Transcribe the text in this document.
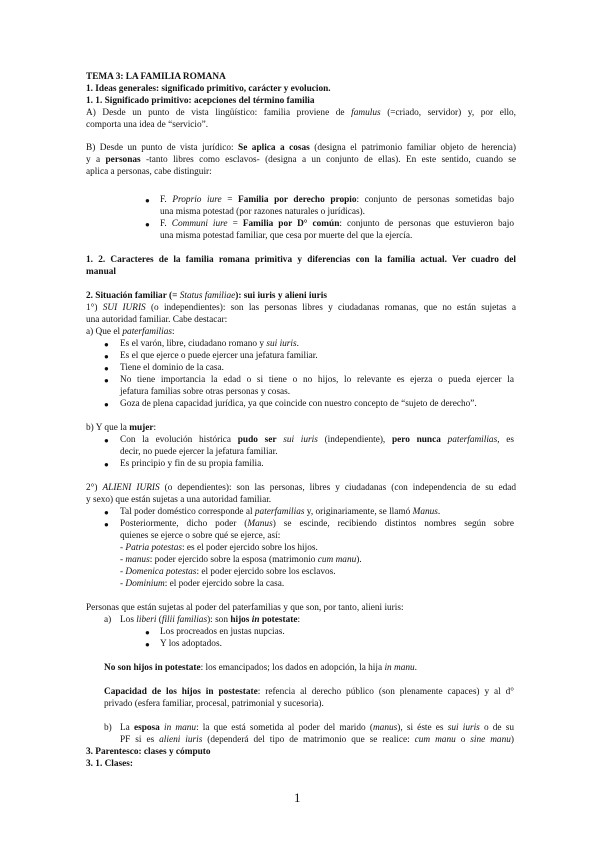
TEMA 3: LA FAMILIA ROMANA
1. Ideas generales: significado primitivo, carácter y evolucion.
1. 1. Significado primitivo: acepciones del término familia
A) Desde un punto de vista lingüístico: familia proviene de famulus (=criado, servidor) y, por ello,
comporta una idea de “servicio”.
B) Desde un punto de vista jurídico: Se aplica a cosas (designa el patrimonio familiar objeto de herencia)
y a personas -tanto libres como esclavos- (designa a un conjunto de ellas). En este sentido, cuando se
aplica a personas, cabe distinguir:
● F. Proprio iure = Familia por derecho propio: conjunto de personas sometidas bajo
una misma potestad (por razones naturales o jurídicas).
● F. Communi iure = Familia por D° común: conjunto de personas que estuvieron bajo
una misma potestad familiar, que cesa por muerte del que la ejercía.
1. 2. Caracteres de la familia romana primitiva y diferencias con la familia actual. Ver cuadro del
manual
2. Situación familiar (= Status familiae): sui iuris y alieni iuris
1°) SUI IURIS (o independientes): son las personas libres y ciudadanas romanas, que no están sujetas a
una autoridad familiar. Cabe destacar:
a) Que el paterfamilias:
● Es el varón, libre, ciudadano romano y sui iuris.
● Es el que ejerce o puede ejercer una jefatura familiar.
● Tiene el dominio de la casa.
● No tiene importancia la edad o si tiene o no hijos, lo relevante es ejerza o pueda ejercer la
jefatura familias sobre otras personas y cosas.
● Goza de plena capacidad jurídica, ya que coincide con nuestro concepto de “sujeto de derecho”.
b) Y que la mujer:
● Con la evolución histórica pudo ser sui iuris (independiente), pero nunca paterfamilias, es
decir, no puede ejercer la jefatura familiar.
● Es principio y fin de su propia familia.
2°) ALIENI IURIS (o dependientes): son las personas, libres y ciudadanas (con independencia de su edad
y sexo) que están sujetas a una autoridad familiar.
● Tal poder doméstico corresponde al paterfamilias y, originariamente, se llamó Manus.
● Posteriormente, dicho poder (Manus) se escinde, recibiendo distintos nombres según sobre
quienes se ejerce o sobre qué se ejerce, así:
- Patria potestas: es el poder ejercido sobre los hijos.
- manus: poder ejercido sobre la esposa (matrimonio cum manu).
- Domenica potestas: el poder ejercido sobre los esclavos.
- Dominium: el poder ejercido sobre la casa.
Personas que están sujetas al poder del paterfamilias y que son, por tanto, alieni iuris:
a) Los liberi (filii familias): son hijos in potestate:
● Los procreados en justas nupcias.
● Y los adoptados.
No son hijos in potestate: los emancipados; los dados en adopción, la hija in manu.
Capacidad de los hijos in postestate: refencia al derecho público (son plenamente capaces) y al d°
privado (esfera familiar, procesal, patrimonial y sucesoria).
b) La esposa in manu: la que está sometida al poder del marido (manus), si éste es sui iuris o de su
PF si es alieni iuris (dependerá del tipo de matrimonio que se realice: cum manu o sine manu)
3. Parentesco: clases y cómputo
3. 1. Clases:
1
